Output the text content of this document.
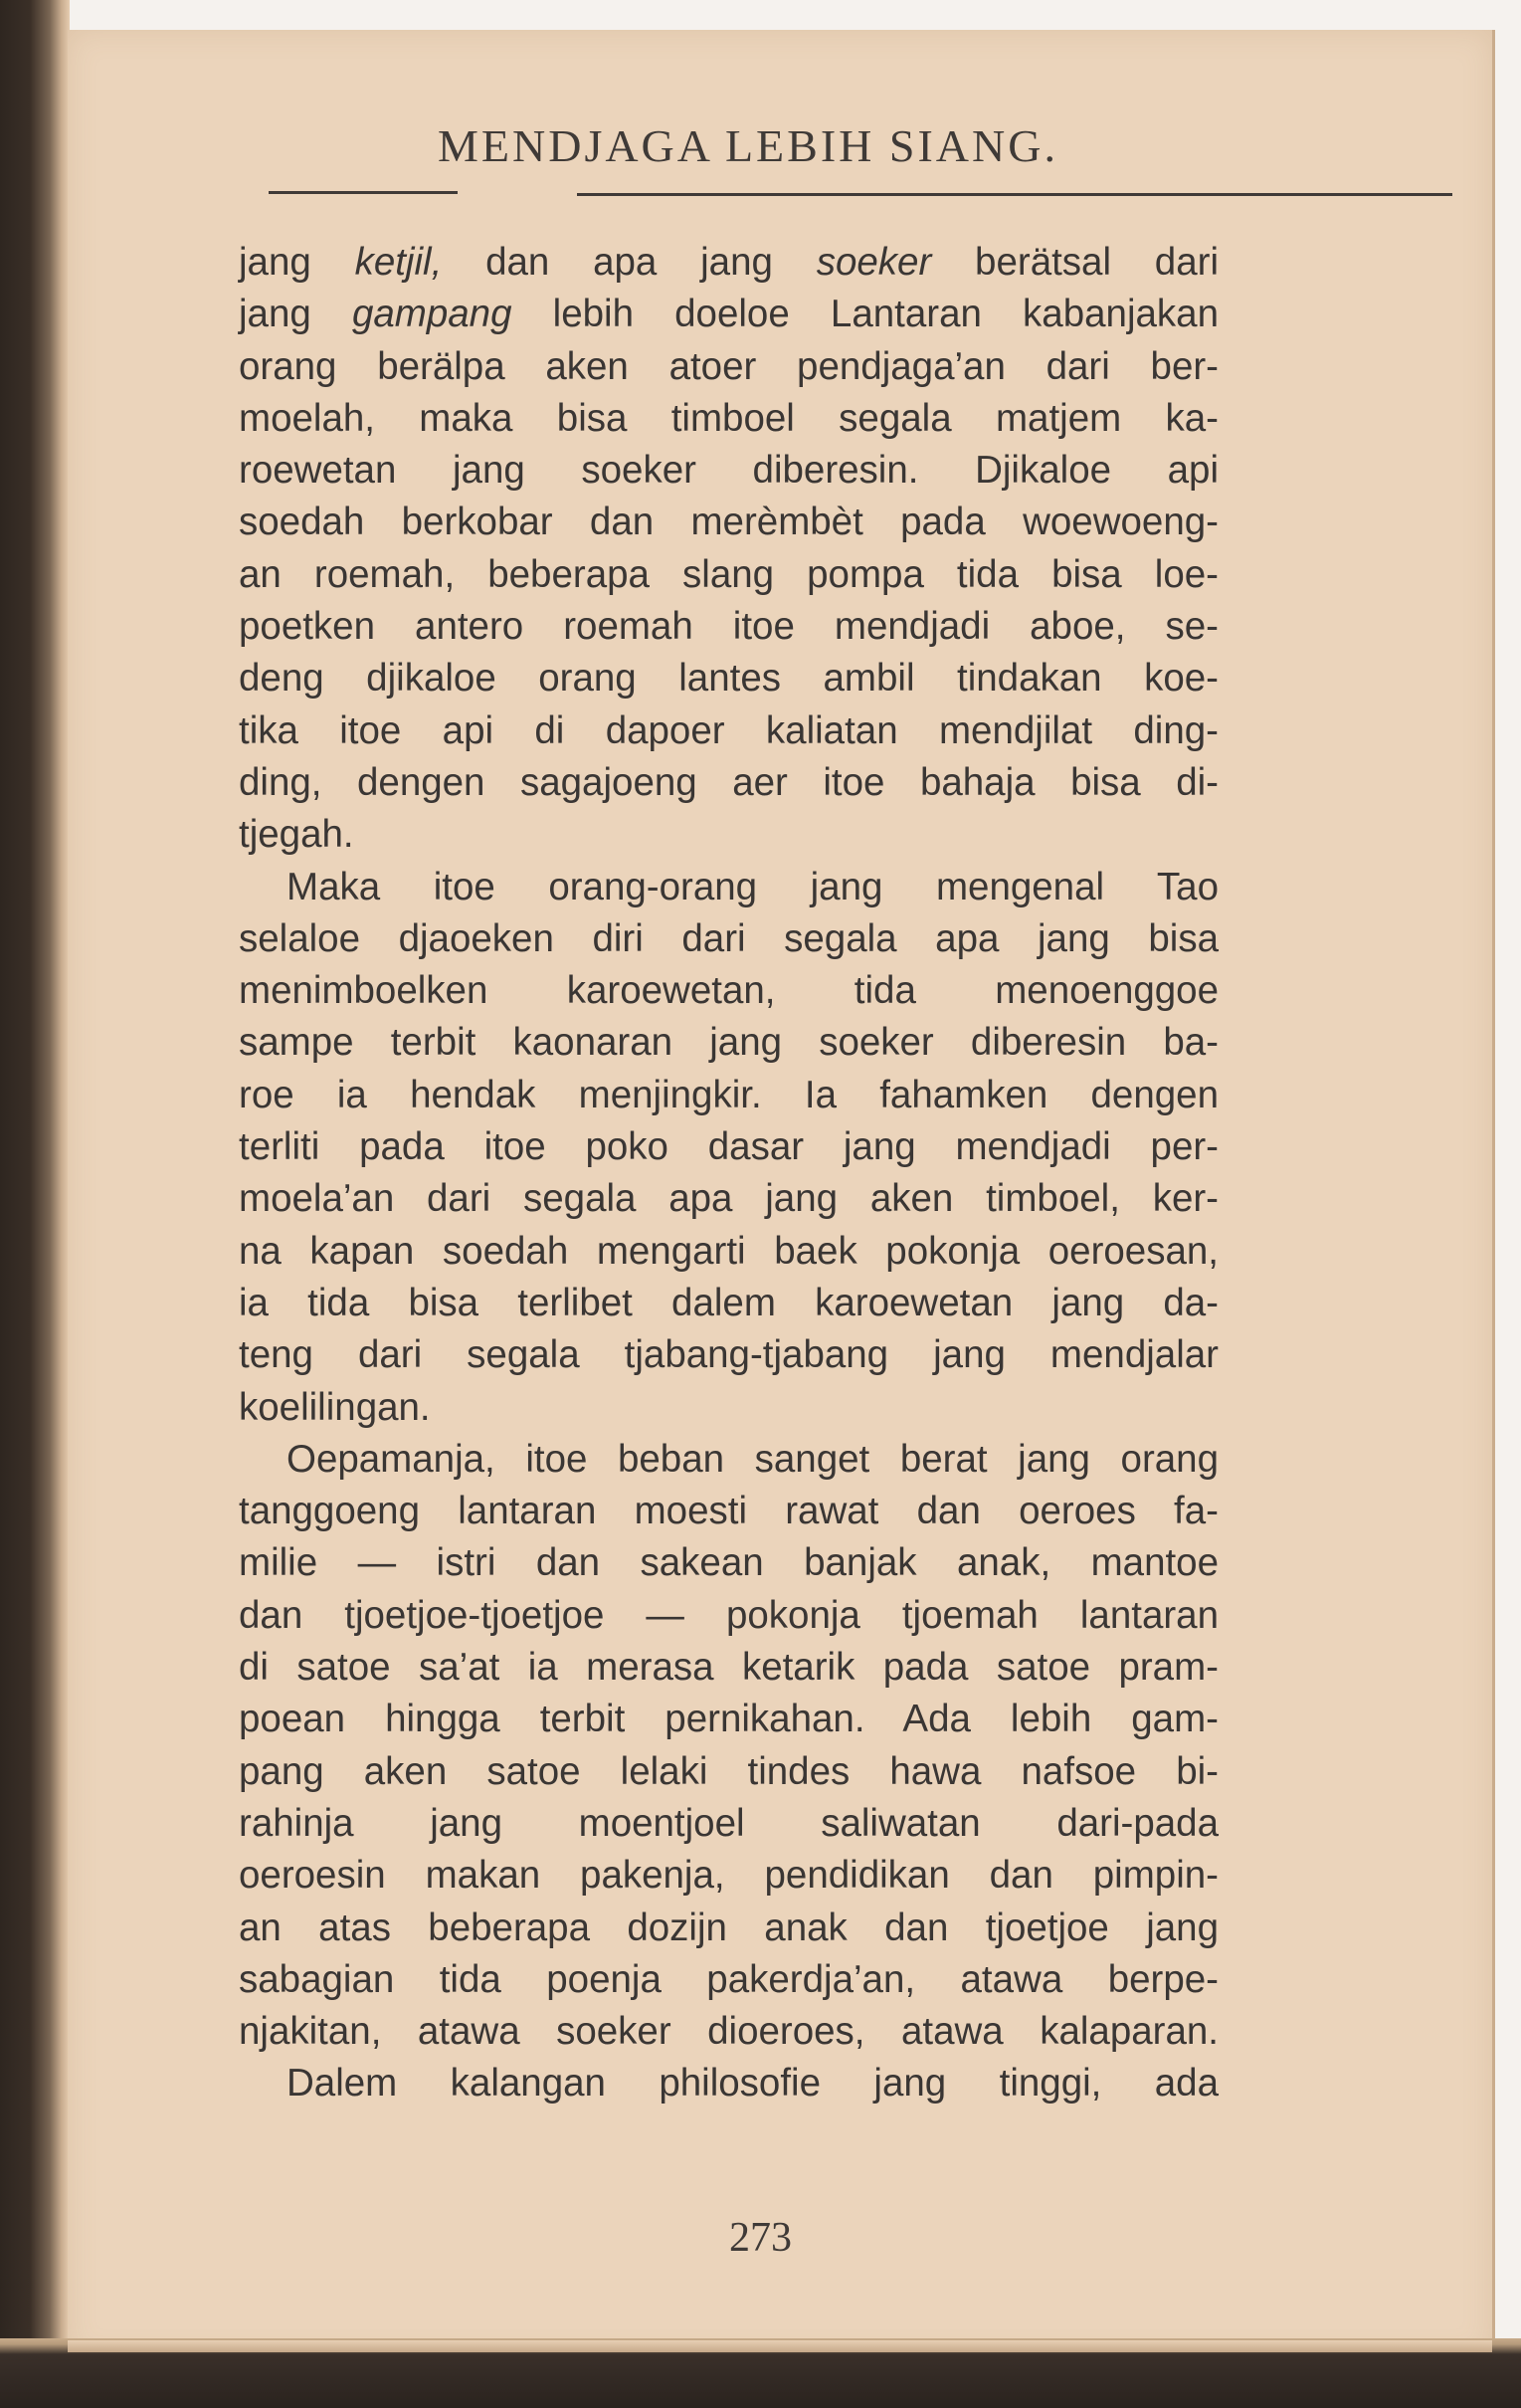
MENDJAGA LEBIH SIANG.
jang ketjil, dan apa jang soeker berätsal dari
jang gampang lebih doeloe Lantaran kabanjakan
orang berälpa aken atoer pendjaga’an dari ber-
moelah, maka bisa timboel segala matjem ka-
roewetan jang soeker diberesin. Djikaloe api
soedah berkobar dan merèmbèt pada woewoeng-
an roemah, beberapa slang pompa tida bisa loe-
poetken antero roemah itoe mendjadi aboe, se-
deng djikaloe orang lantes ambil tindakan koe-
tika itoe api di dapoer kaliatan mendjilat ding-
ding, dengen sagajoeng aer itoe bahaja bisa di-
tjegah.
Maka itoe orang-orang jang mengenal Tao
selaloe djaoeken diri dari segala apa jang bisa
menimboelken karoewetan, tida menoenggoe
sampe terbit kaonaran jang soeker diberesin ba-
roe ia hendak menjingkir. Ia fahamken dengen
terliti pada itoe poko dasar jang mendjadi per-
moela’an dari segala apa jang aken timboel, ker-
na kapan soedah mengarti baek pokonja oeroesan,
ia tida bisa terlibet dalem karoewetan jang da-
teng dari segala tjabang-tjabang jang mendjalar
koelilingan.
Oepamanja, itoe beban sanget berat jang orang
tanggoeng lantaran moesti rawat dan oeroes fa-
milie — istri dan sakean banjak anak, mantoe
dan tjoetjoe-tjoetjoe — pokonja tjoemah lantaran
di satoe sa’at ia merasa ketarik pada satoe pram-
poean hingga terbit pernikahan. Ada lebih gam-
pang aken satoe lelaki tindes hawa nafsoe bi-
rahinja jang moentjoel saliwatan dari-pada
oeroesin makan pakenja, pendidikan dan pimpin-
an atas beberapa dozijn anak dan tjoetjoe jang
sabagian tida poenja pakerdja’an, atawa berpe-
njakitan, atawa soeker dioeroes, atawa kalaparan.
Dalem kalangan philosofie jang tinggi, ada
273
